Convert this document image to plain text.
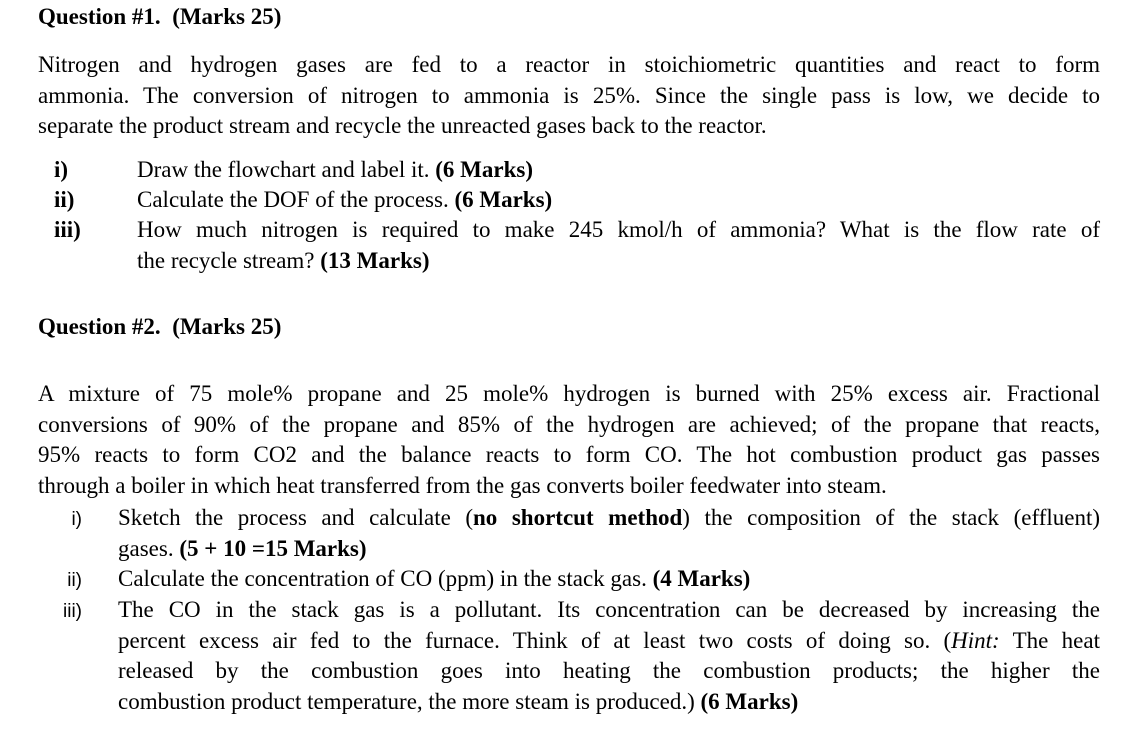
Question #1. (Marks 25)
Nitrogen and hydrogen gases are fed to a reactor in stoichiometric quantities and react to form
ammonia. The conversion of nitrogen to ammonia is 25%. Since the single pass is low, we decide to
separate the product stream and recycle the unreacted gases back to the reactor.
i)	Draw the flowchart and label it. (6 Marks)
ii)	Calculate the DOF of the process. (6 Marks)
iii)	How much nitrogen is required to make 245 kmol/h of ammonia? What is the flow rate of
the recycle stream? (13 Marks)
Question #2. (Marks 25)
A mixture of 75 mole% propane and 25 mole% hydrogen is burned with 25% excess air. Fractional
conversions of 90% of the propane and 85% of the hydrogen are achieved; of the propane that reacts,
95% reacts to form CO2 and the balance reacts to form CO. The hot combustion product gas passes
through a boiler in which heat transferred from the gas converts boiler feedwater into steam.
i) Sketch the process and calculate (no shortcut method) the composition of the stack (effluent)
gases. (5 + 10 =15 Marks)
ii) Calculate the concentration of CO (ppm) in the stack gas. (4 Marks)
iii) The CO in the stack gas is a pollutant. Its concentration can be decreased by increasing the
percent excess air fed to the furnace. Think of at least two costs of doing so. (Hint: The heat
released by the combustion goes into heating the combustion products; the higher the
combustion product temperature, the more steam is produced.) (6 Marks)
